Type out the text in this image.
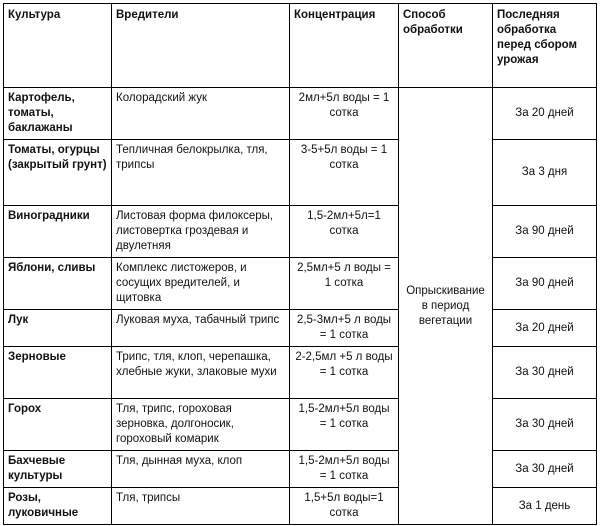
Культура	Вредители	Концентрация	Способ обработки	Последняя обработка перед сбором урожая
Картофель, томаты, баклажаны	Колорадский жук	2мл+5л воды = 1 сотка	Опрыскивание в период вегетации	За 20 дней
Томаты, огурцы (закрытый грунт)	Тепличная белокрылка, тля, трипсы	3-5+5л воды = 1 сотка		За 3 дня
Виноградники	Листовая форма филоксеры, листовертка гроздевая и двулетняя	1,5-2мл+5л=1 сотка		За 90 дней
Яблони, сливы	Комплекс листожеров, и сосущих вредителей, и щитовка	2,5мл+5 л воды = 1 сотка		За 90 дней
Лук	Луковая муха, табачный трипс	2,5-3мл+5 л воды = 1 сотка		За 20 дней
Зерновые	Трипс, тля, клоп, черепашка, хлебные жуки, злаковые мухи	2-2,5мл +5 л воды = 1 сотка		За 30 дней
Горох	Тля, трипс, гороховая зерновка, долгоносик, гороховый комарик	1,5-2мл+5л воды = 1 сотка		За 30 дней
Бахчевые культуры	Тля, дынная муха, клоп	1,5-2мл+5л воды = 1 сотка		За 30 дней
Розы, луковичные	Тля, трипсы	1,5+5л воды=1 сотка		За 1 день
